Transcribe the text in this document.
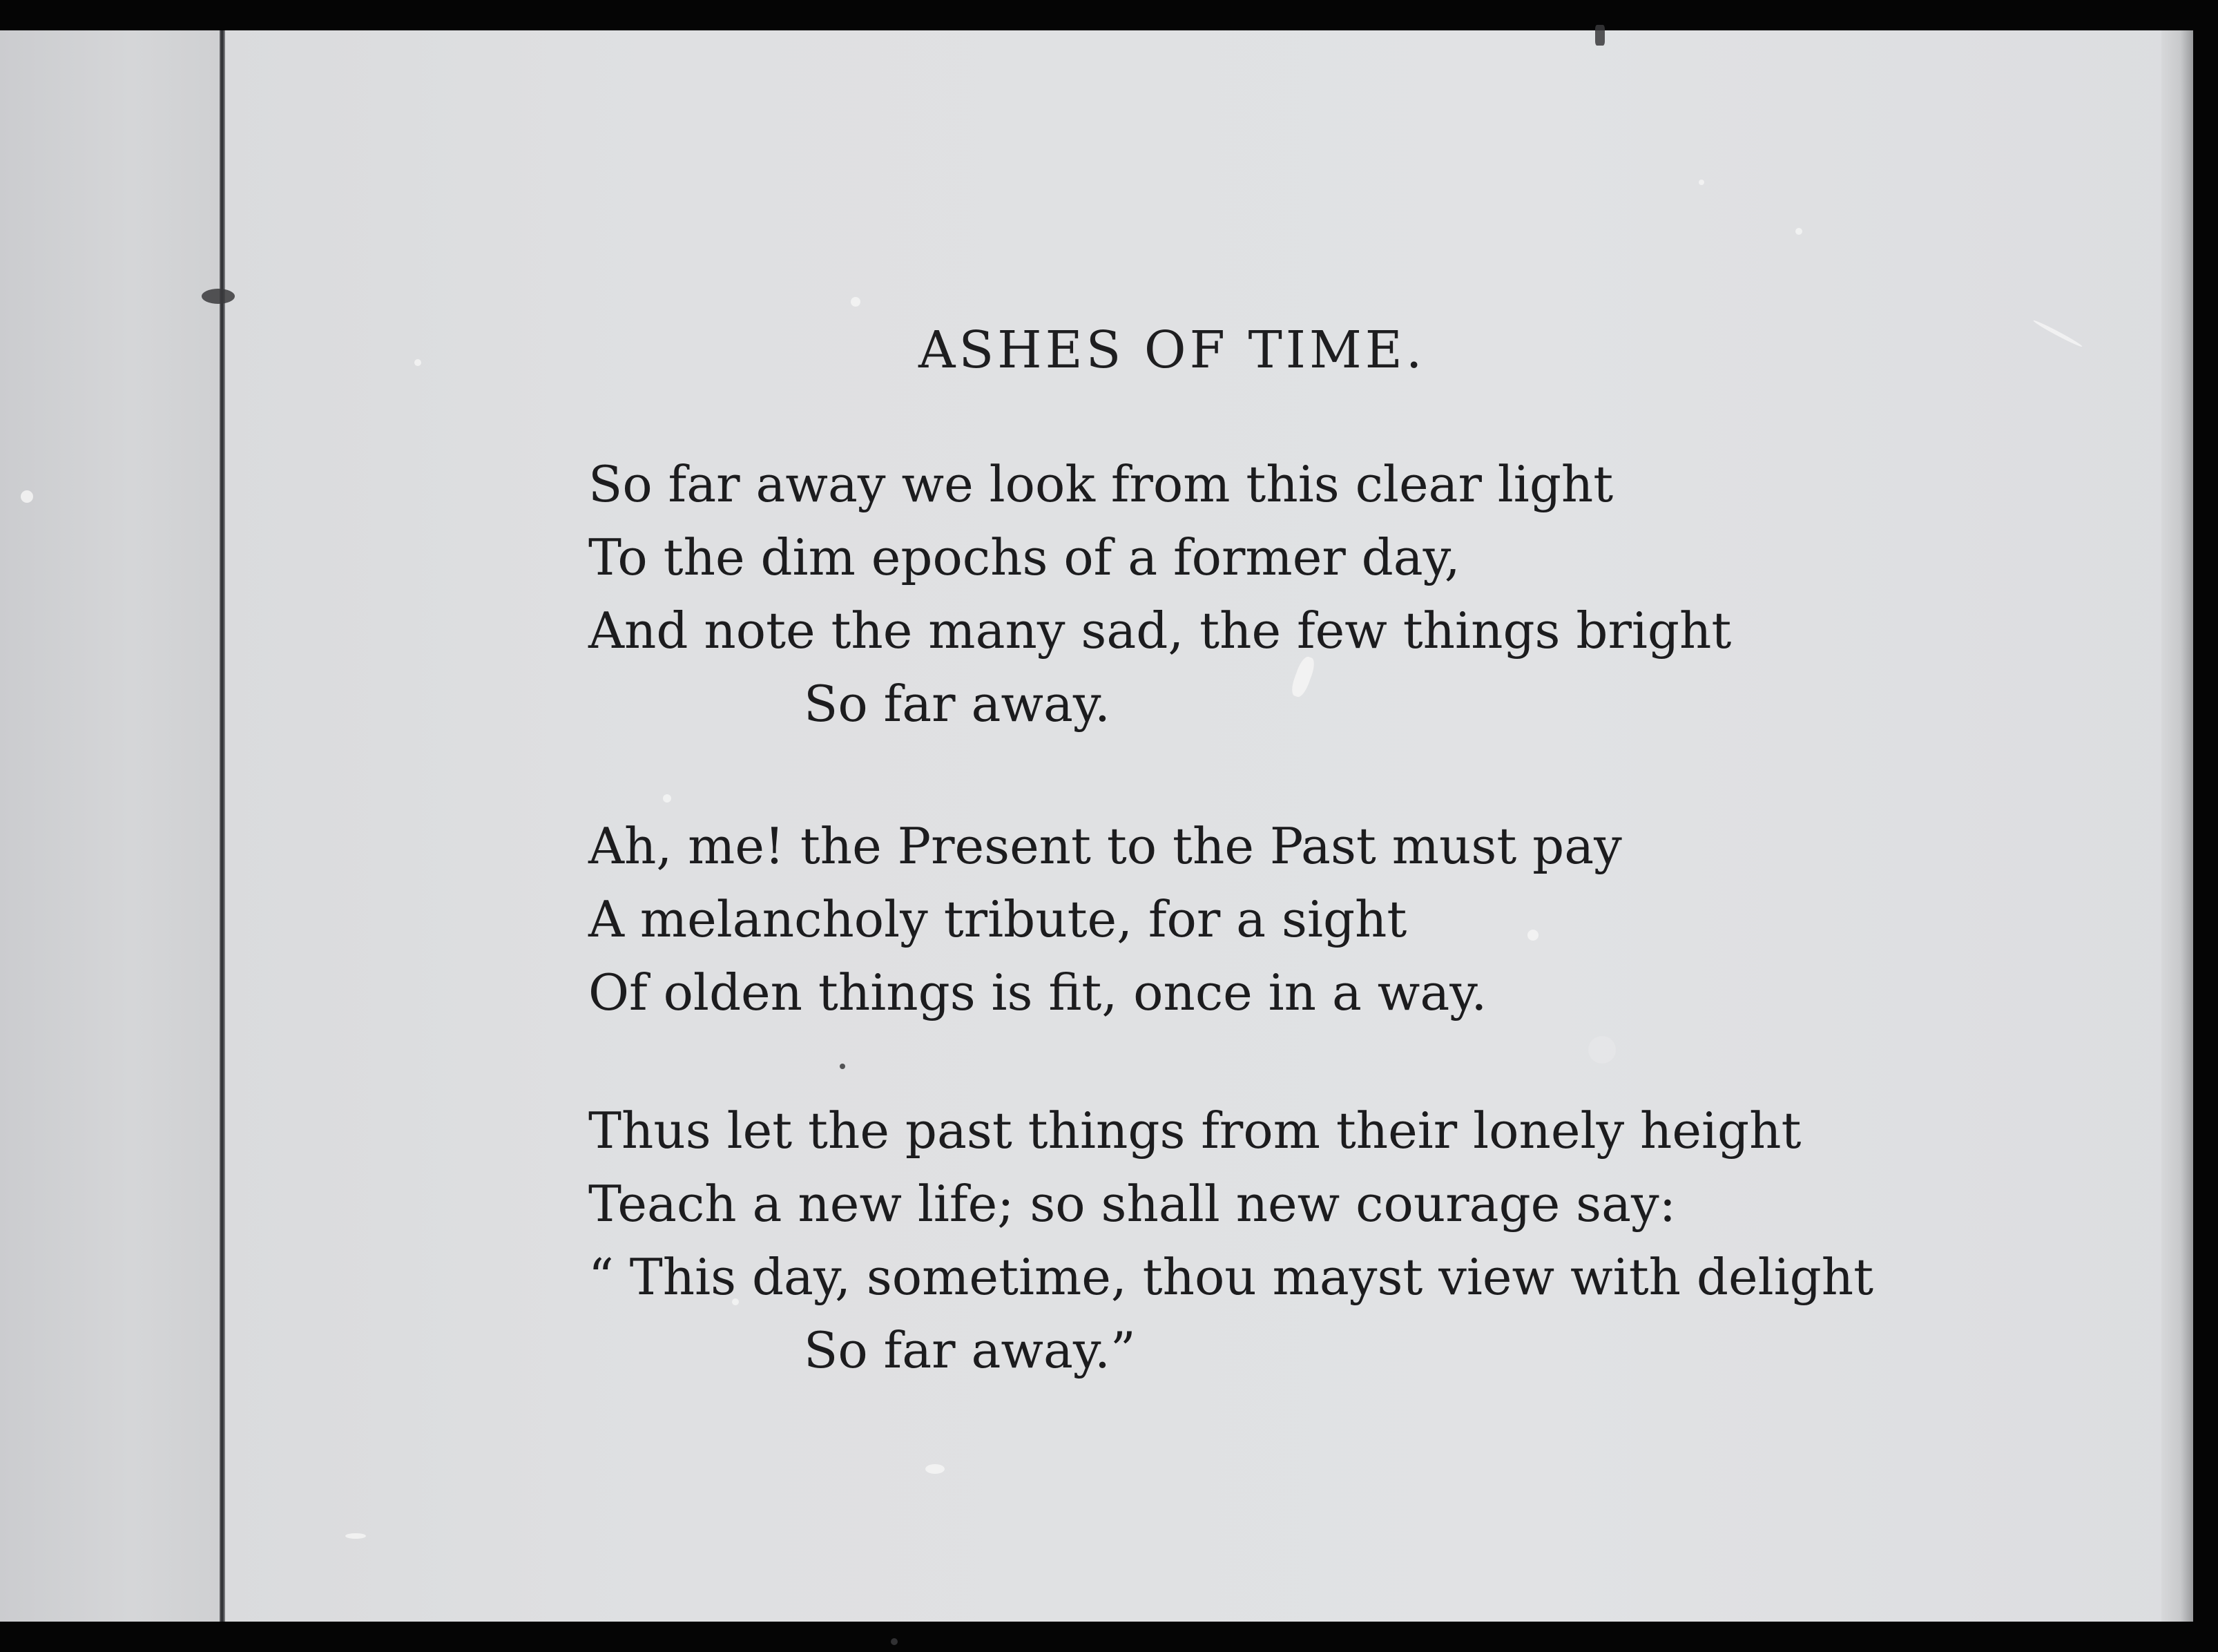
ASHES OF TIME.
So far away we look from this clear light
To the dim epochs of a former day,
And note the many sad, the few things bright
So far away.
Ah, me! the Present to the Past must pay
A melancholy tribute, for a sight
Of olden things is fit, once in a way.
Thus let the past things from their lonely height
Teach a new life; so shall new courage say:
“ This day, sometime, thou mayst view with delight
So far away.”
